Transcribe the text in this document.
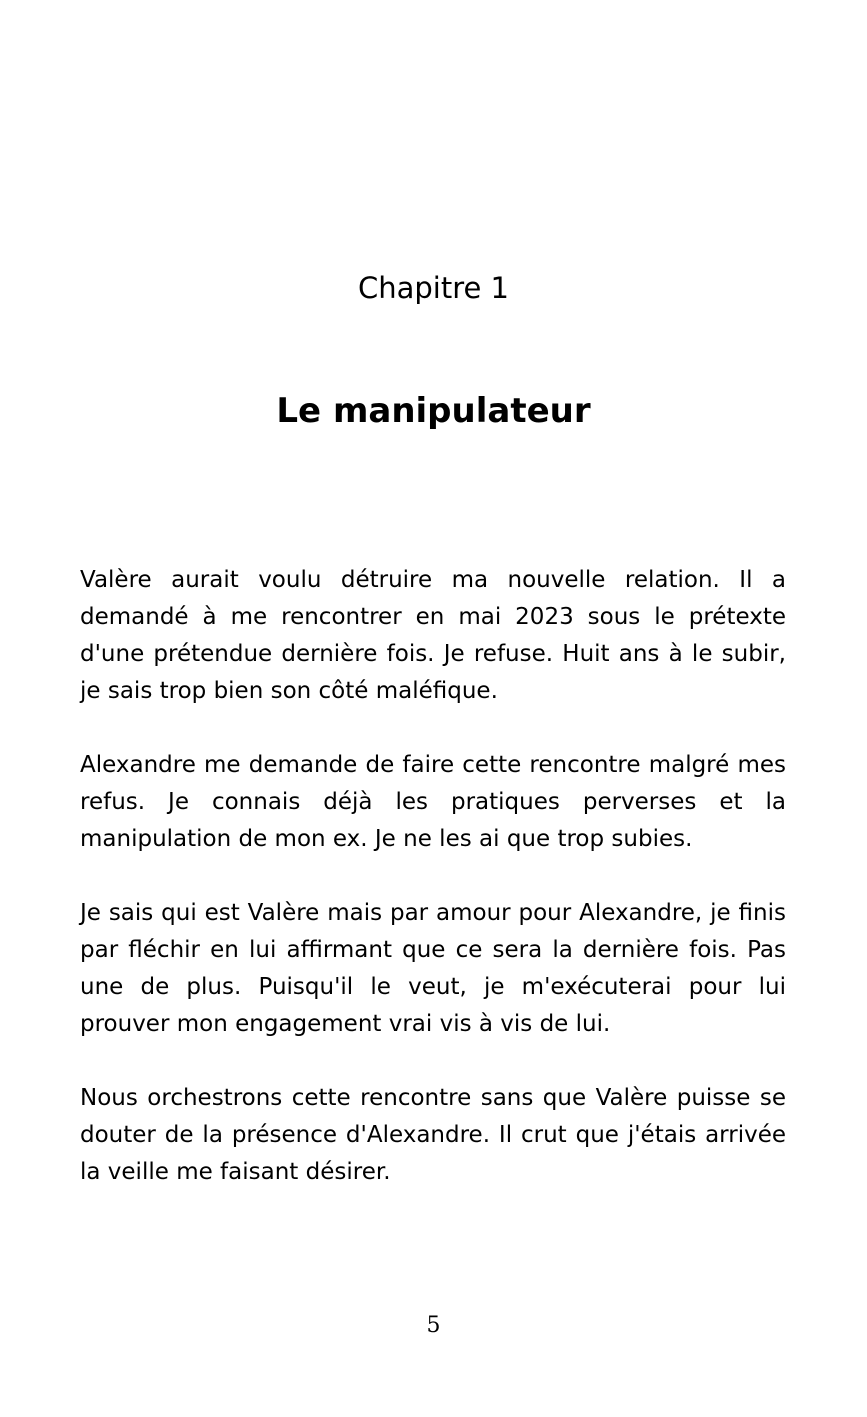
Chapitre 1
Le manipulateur

Valère aurait voulu détruire ma nouvelle relation. Il a demandé à me rencontrer en mai 2023 sous le prétexte d'une prétendue dernière fois. Je refuse. Huit ans à le subir, je sais trop bien son côté maléfique.

Alexandre me demande de faire cette rencontre malgré mes refus. Je connais déjà les pratiques perverses et la manipulation de mon ex. Je ne les ai que trop subies.

Je sais qui est Valère mais par amour pour Alexandre, je finis par fléchir en lui affirmant que ce sera la dernière fois. Pas une de plus. Puisqu'il le veut, je m'exécuterai pour lui prouver mon engagement vrai vis à vis de lui.

Nous orchestrons cette rencontre sans que Valère puisse se douter de la présence d'Alexandre. Il crut que j'étais arrivée la veille me faisant désirer.

5
